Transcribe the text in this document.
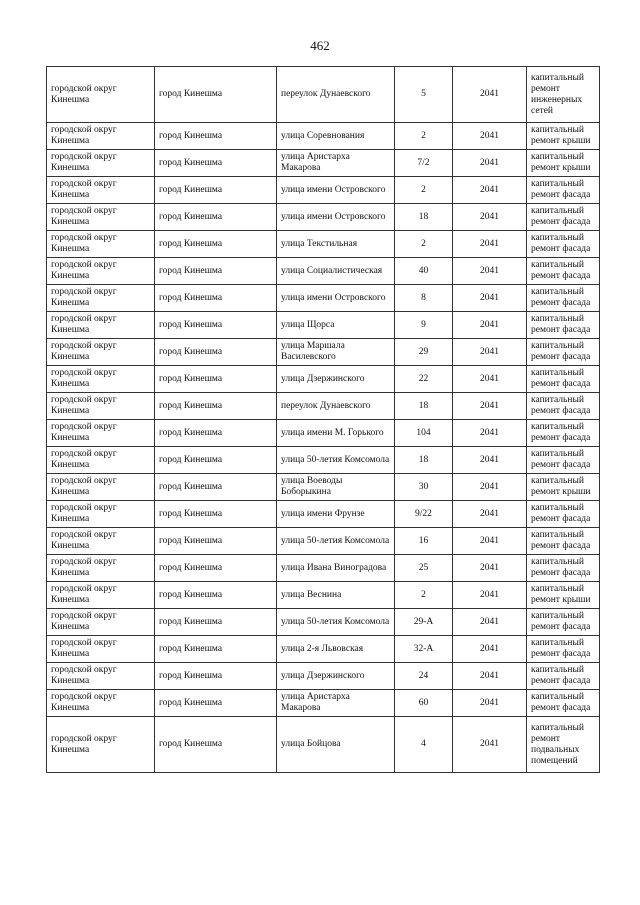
462
городской округ Кинешма	город Кинешма	переулок Дунаевского	5	2041	капитальный ремонт инженерных сетей
городской округ Кинешма	город Кинешма	улица Соревнования	2	2041	капитальный ремонт крыши
городской округ Кинешма	город Кинешма	улица Аристарха Макарова	7/2	2041	капитальный ремонт крыши
городской округ Кинешма	город Кинешма	улица имени Островского	2	2041	капитальный ремонт фасада
городской округ Кинешма	город Кинешма	улица имени Островского	18	2041	капитальный ремонт фасада
городской округ Кинешма	город Кинешма	улица Текстильная	2	2041	капитальный ремонт фасада
городской округ Кинешма	город Кинешма	улица Социалистическая	40	2041	капитальный ремонт фасада
городской округ Кинешма	город Кинешма	улица имени Островского	8	2041	капитальный ремонт фасада
городской округ Кинешма	город Кинешма	улица Щорса	9	2041	капитальный ремонт фасада
городской округ Кинешма	город Кинешма	улица Маршала Василевского	29	2041	капитальный ремонт фасада
городской округ Кинешма	город Кинешма	улица Дзержинского	22	2041	капитальный ремонт фасада
городской округ Кинешма	город Кинешма	переулок Дунаевского	18	2041	капитальный ремонт фасада
городской округ Кинешма	город Кинешма	улица имени М. Горького	104	2041	капитальный ремонт фасада
городской округ Кинешма	город Кинешма	улица 50-летия Комсомола	18	2041	капитальный ремонт фасада
городской округ Кинешма	город Кинешма	улица Воеводы Боборыкина	30	2041	капитальный ремонт крыши
городской округ Кинешма	город Кинешма	улица имени Фрунзе	9/22	2041	капитальный ремонт фасада
городской округ Кинешма	город Кинешма	улица 50-летия Комсомола	16	2041	капитальный ремонт фасада
городской округ Кинешма	город Кинешма	улица Ивана Виноградова	25	2041	капитальный ремонт фасада
городской округ Кинешма	город Кинешма	улица Веснина	2	2041	капитальный ремонт крыши
городской округ Кинешма	город Кинешма	улица 50-летия Комсомола	29-А	2041	капитальный ремонт фасада
городской округ Кинешма	город Кинешма	улица 2-я Львовская	32-А	2041	капитальный ремонт фасада
городской округ Кинешма	город Кинешма	улица Дзержинского	24	2041	капитальный ремонт фасада
городской округ Кинешма	город Кинешма	улица Аристарха Макарова	60	2041	капитальный ремонт фасада
городской округ Кинешма	город Кинешма	улица Бойцова	4	2041	капитальный ремонт подвальных помещений
